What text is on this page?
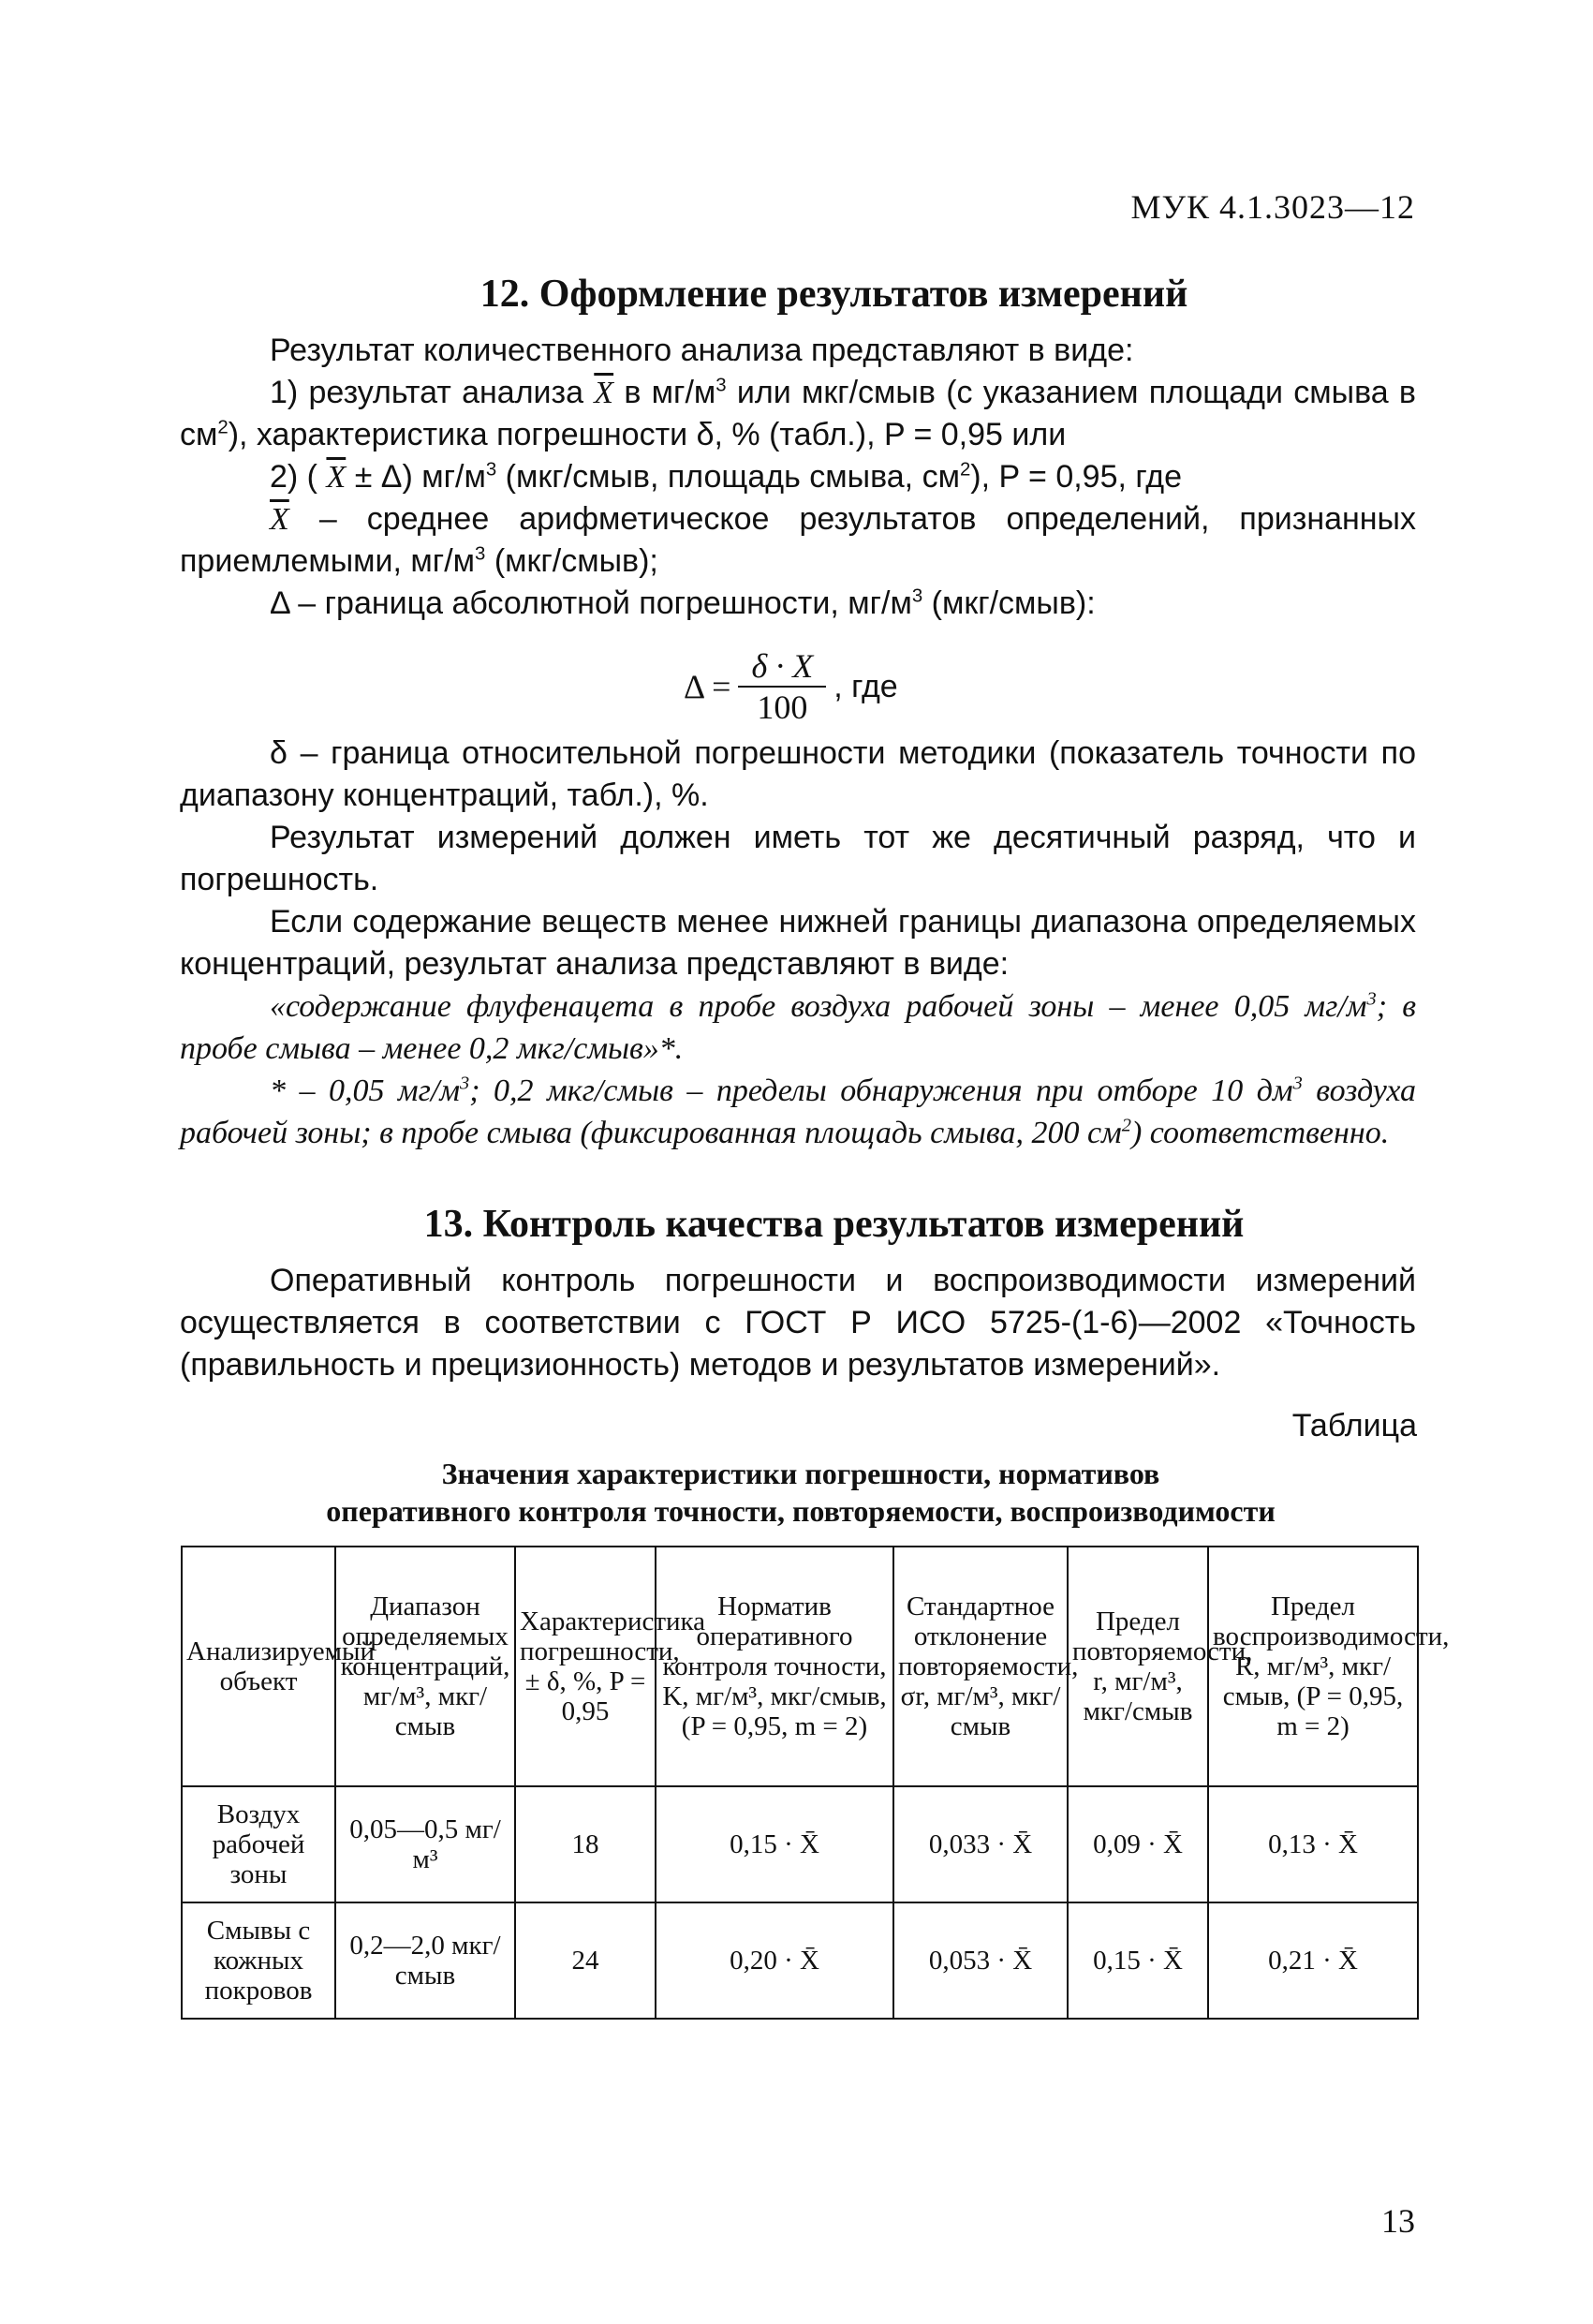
МУК 4.1.3023—12
12. Оформление результатов измерений

Результат количественного анализа представляют в виде:

1) результат анализа $\overline{X}$ в $мг/м^3$ или мкг/смыв (с указанием площади смыва в $см^2$), характеристика погрешности δ, % (табл.), P = 0,95 или

2) ( $\overline{X} \pm \Delta$) $мг/м^3$ (мкг/смыв, площадь смыва, $см^2$), P = 0,95, где

$\overline{X}$ – среднее арифметическое результатов определений, признанных приемлемыми, $мг/м^3$ (мкг/смыв);

Δ – граница абсолютной погрешности, $мг/м^3$ (мкг/смыв):

$\Delta = \frac{\delta \cdot X}{100}$ , где

δ – граница относительной погрешности методики (показатель точности по диапазону концентраций, табл.), %.

Результат измерений должен иметь тот же десятичный разряд, что и погрешность.

Если содержание веществ менее нижней границы диапазона определяемых концентраций, результат анализа представляют в виде:

«содержание флуфенацета в пробе воздуха рабочей зоны – менее 0,05 $мг/м^3$; в пробе смыва – менее 0,2 мкг/смыв»*.

* – 0,05 $мг/м^3$; 0,2 мкг/смыв – пределы обнаружения при отборе 10 $дм^3$ воздуха рабочей зоны; в пробе смыва (фиксированная площадь смыва, 200 $см^2$) соответственно.

13. Контроль качества результатов измерений

Оперативный контроль погрешности и воспроизводимости измерений осуществляется в соответствии с ГОСТ Р ИСО 5725-(1-6)—2002 «Точность (правильность и прецизионность) методов и результатов измерений».

Таблица
Значения характеристики погрешности, нормативов
оперативного контроля точности, повторяемости, воспроизводимости
Анализируемый объект	Диапазон определяемых концентраций, мг/м³, мкг/смыв	Характеристика погрешности, ± δ, %, P = 0,95	Норматив оперативного контроля точности, K, мг/м³, мкг/смыв, (P = 0,95, m = 2)	Стандартное отклонение повторяемости, σr, мг/м³, мкг/смыв	Предел повторяемости, r, мг/м³, мкг/смыв	Предел воспроизводимости, R, мг/м³, мкг/смыв, (P = 0,95, m = 2)
Воздух рабочей зоны	0,05—0,5 мг/м³	18	0,15 · X̄	0,033 · X̄	0,09 · X̄	0,13 · X̄
Смывы с кожных покровов	0,2—2,0 мкг/смыв	24	0,20 · X̄	0,053 · X̄	0,15 · X̄	0,21 · X̄
13
